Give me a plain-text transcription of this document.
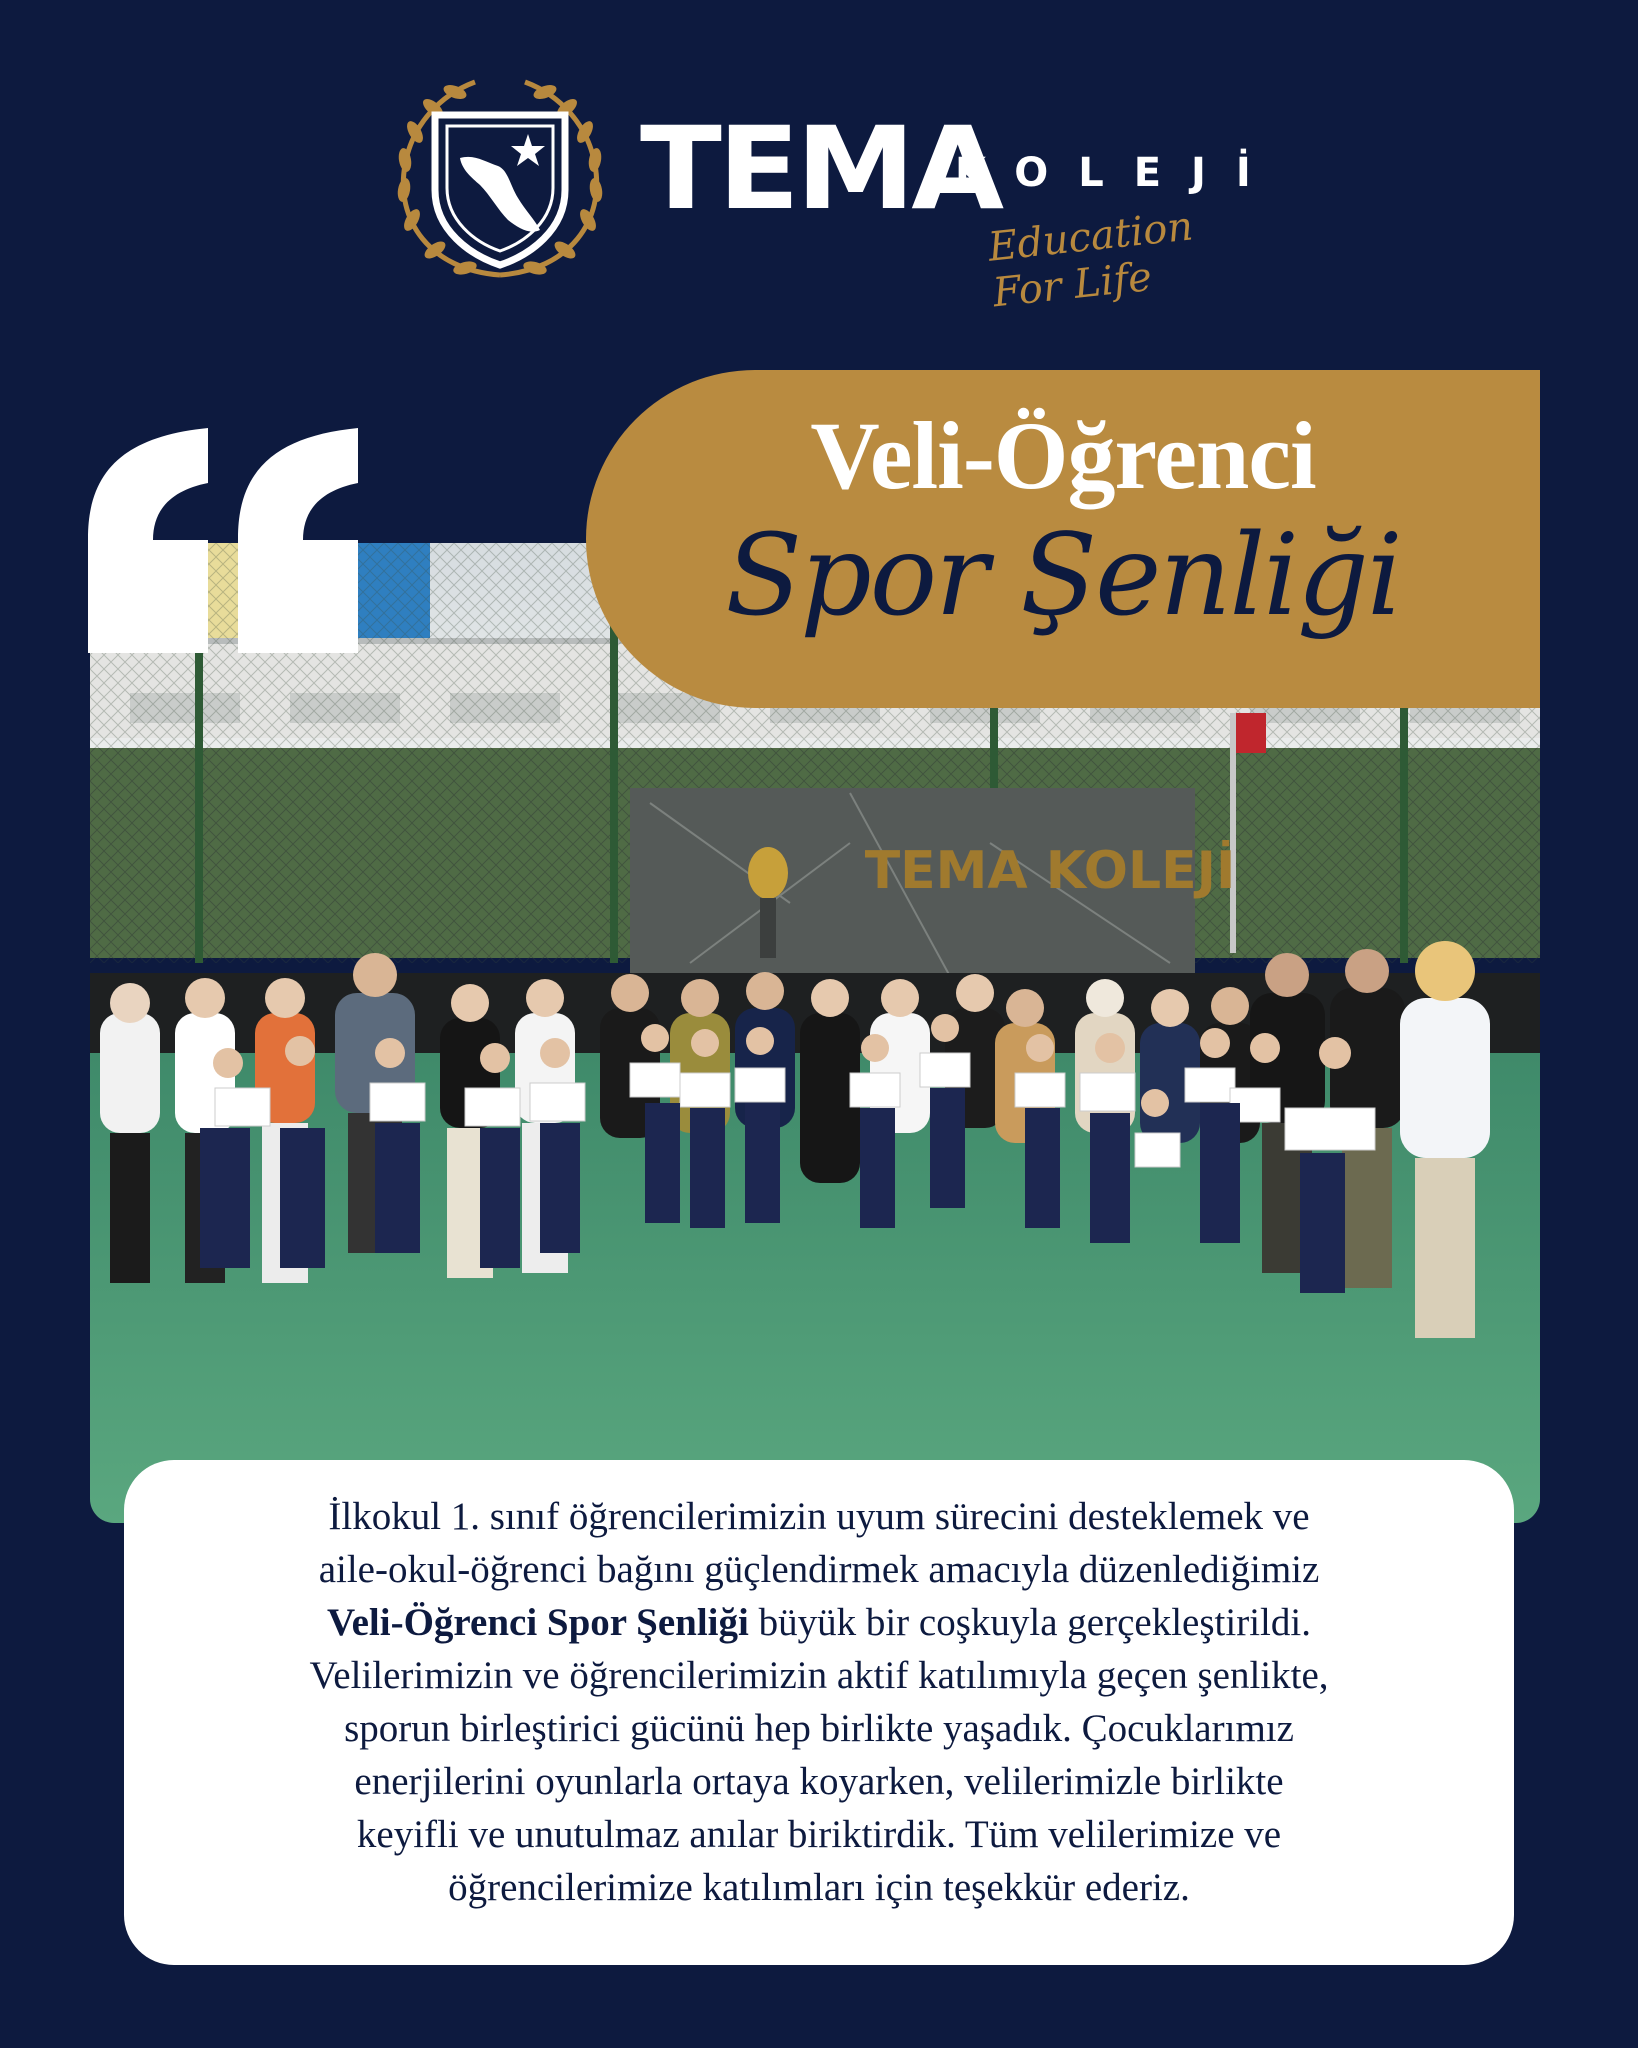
TEMA
KOLEJİ
Education For Life
TEMA KOLEJİ
Veli-Öğrenci
Spor Şenliği

İlkokul 1. sınıf öğrencilerimizin uyum sürecini desteklemek ve
aile-okul-öğrenci bağını güçlendirmek amacıyla düzenlediğimiz
Veli-Öğrenci Spor Şenliği büyük bir coşkuyla gerçekleştirildi.
Velilerimizin ve öğrencilerimizin aktif katılımıyla geçen şenlikte,
sporun birleştirici gücünü hep birlikte yaşadık. Çocuklarımız
enerjilerini oyunlarla ortaya koyarken, velilerimizle birlikte
keyifli ve unutulmaz anılar biriktirdik. Tüm velilerimize ve
öğrencilerimize katılımları için teşekkür ederiz.
